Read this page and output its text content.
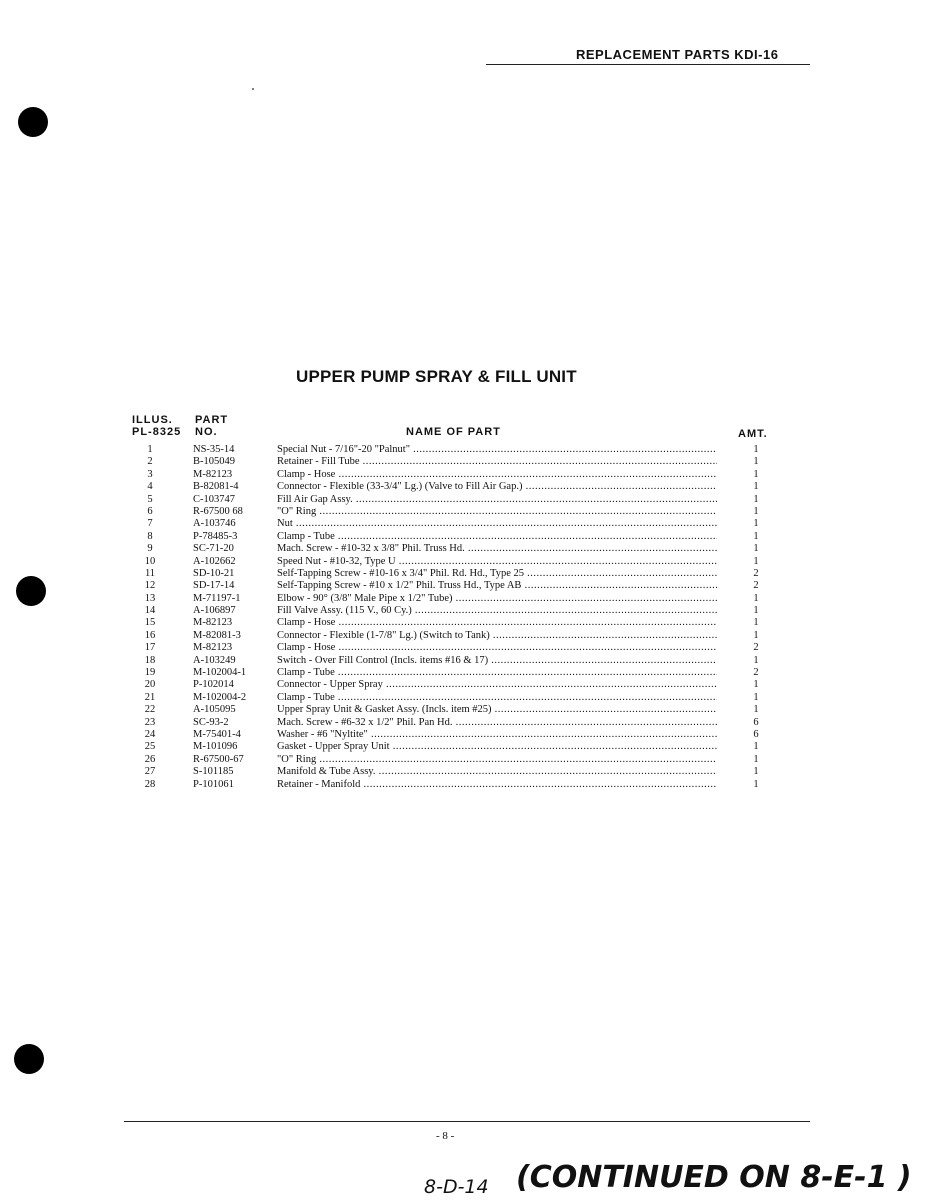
REPLACEMENT PARTS KDI-16
UPPER PUMP SPRAY & FILL UNIT
ILLUS.
PL-8325
PART
NO.	NAME OF PART	AMT.
1	NS-35-14	Special Nut - 7/16"-20 "Palnut" .....	1
2	B-105049	Retainer - Fill Tube .....	1
3	M-82123	Clamp - Hose .....	1
4	B-82081-4	Connector - Flexible (33-3/4" Lg.) (Valve to Fill Air Gap.) .....	1
5	C-103747	Fill Air Gap Assy. .....	1
6	R-67500 68	"O" Ring .....	1
7	A-103746	Nut .....	1
8	P-78485-3	Clamp - Tube .....	1
9	SC-71-20	Mach. Screw - #10-32 x 3/8" Phil. Truss Hd. .....	1
10	A-102662	Speed Nut - #10-32, Type U .....	1
11	SD-10-21	Self-Tapping Screw - #10-16 x 3/4" Phil. Rd. Hd., Type 25 .....	2
12	SD-17-14	Self-Tapping Screw - #10 x 1/2" Phil. Truss Hd., Type AB .....	2
13	M-71197-1	Elbow - 90° (3/8" Male Pipe x 1/2" Tube) .....	1
14	A-106897	Fill Valve Assy. (115 V., 60 Cy.) .....	1
15	M-82123	Clamp - Hose .....	1
16	M-82081-3	Connector - Flexible (1-7/8" Lg.) (Switch to Tank) .....	1
17	M-82123	Clamp - Hose .....	2
18	A-103249	Switch - Over Fill Control (Incls. items #16 & 17) .....	1
19	M-102004-1	Clamp - Tube .....	2
20	P-102014	Connector - Upper Spray .....	1
21	M-102004-2	Clamp - Tube .....	1
22	A-105095	Upper Spray Unit & Gasket Assy. (Incls. item #25) .....	1
23	SC-93-2	Mach. Screw - #6-32 x 1/2" Phil. Pan Hd. .....	6
24	M-75401-4	Washer - #6 "Nyltite" .....	6
25	M-101096	Gasket - Upper Spray Unit .....	1
26	R-67500-67	"O" Ring .....	1
27	S-101185	Manifold & Tube Assy. .....	1
28	P-101061	Retainer - Manifold .....	1
- 8 -
8-D-14 (CONTINUED ON 8-E-1 )
